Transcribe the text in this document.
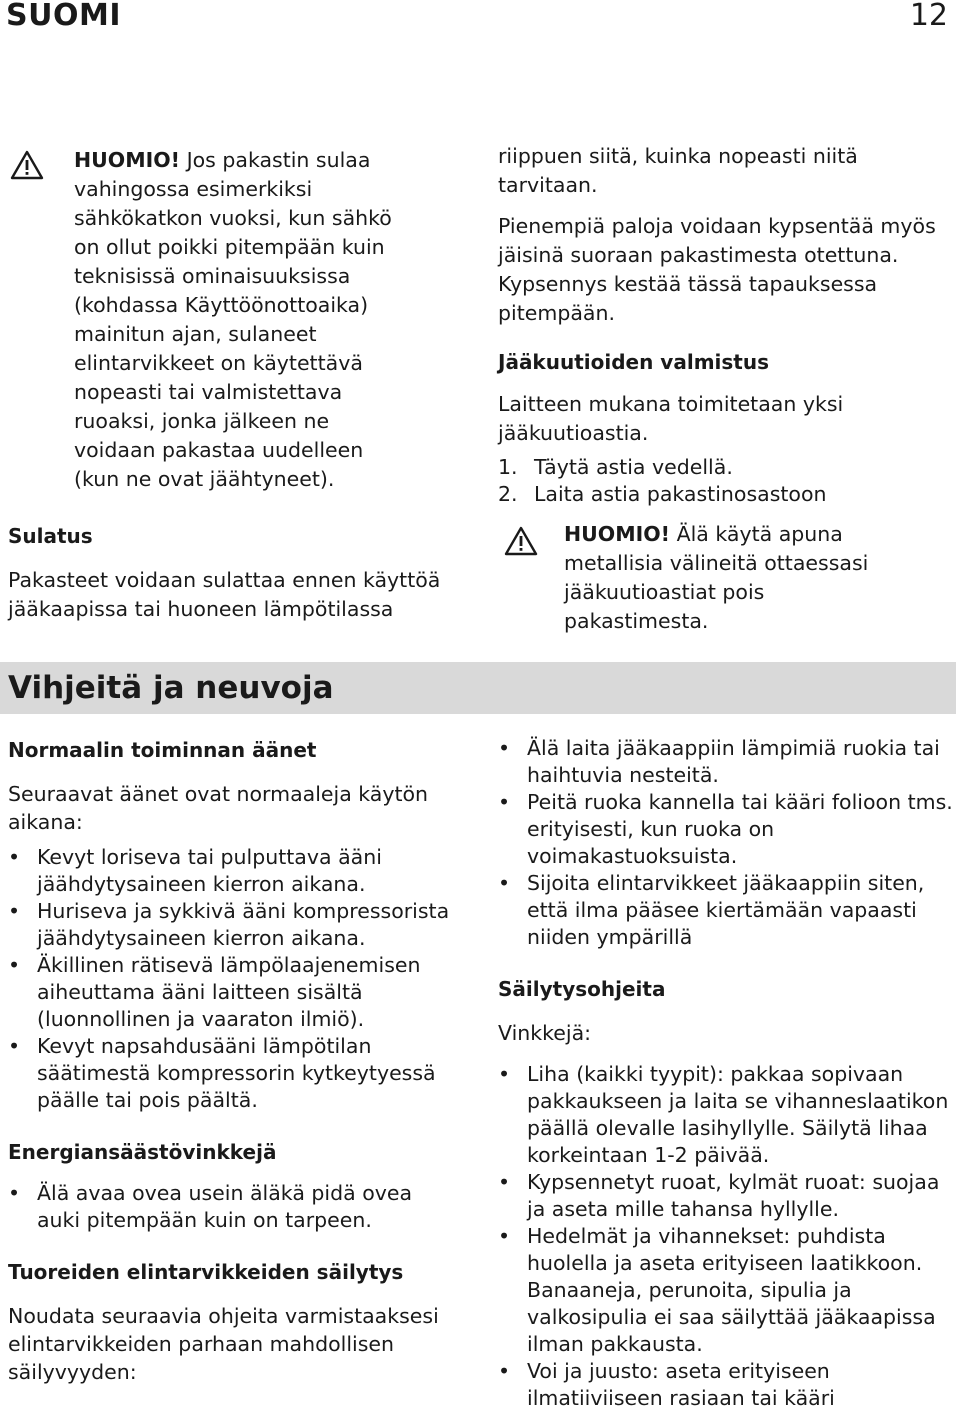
SUOMI	12

HUOMIO! Jos pakastin sulaa vahingossa esimerkiksi sähkökatkon vuoksi, kun sähkö on ollut poikki pitempään kuin teknisissä ominaisuuksissa (kohdassa Käyttöönottoaika) mainitun ajan, sulaneet elintarvikkeet on käytettävä nopeasti tai valmistettava ruoaksi, jonka jälkeen ne voidaan pakastaa uudelleen (kun ne ovat jäähtyneet).

Sulatus

Pakasteet voidaan sulattaa ennen käyttöä jääkaapissa tai huoneen lämpötilassa

riippuen siitä, kuinka nopeasti niitä tarvitaan.

Pienempiä paloja voidaan kypsentää myös jäisinä suoraan pakastimesta otettuna. Kypsennys kestää tässä tapauksessa pitempään.

Jääkuutioiden valmistus

Laitteen mukana toimitetaan yksi jääkuutioastia.

1. Täytä astia vedellä.
2. Laita astia pakastinosastoon

HUOMIO! Älä käytä apuna metallisia välineitä ottaessasi jääkuutioastiat pois pakastimesta.

Vihjeitä ja neuvoja

Normaalin toiminnan äänet

Seuraavat äänet ovat normaaleja käytön aikana:

• Kevyt loriseva tai pulputtava ääni jäähdytysaineen kierron aikana.
• Huriseva ja sykkivä ääni kompressorista jäähdytysaineen kierron aikana.
• Äkillinen rätisevä lämpölaajenemisen aiheuttama ääni laitteen sisältä (luonnollinen ja vaaraton ilmiö).
• Kevyt napsahdusääni lämpötilan säätimestä kompressorin kytkeytyessä päälle tai pois päältä.

Energiansäästövinkkejä

• Älä avaa ovea usein äläkä pidä ovea auki pitempään kuin on tarpeen.

Tuoreiden elintarvikkeiden säilytys

Noudata seuraavia ohjeita varmistaaksesi elintarvikkeiden parhaan mahdollisen säilyvyyden:

• Älä laita jääkaappiin lämpimiä ruokia tai haihtuvia nesteitä.
• Peitä ruoka kannella tai kääri folioon tms. erityisesti, kun ruoka on voimakastuoksuista.
• Sijoita elintarvikkeet jääkaappiin siten, että ilma pääsee kiertämään vapaasti niiden ympärillä

Säilytysohjeita

Vinkkejä:

• Liha (kaikki tyypit): pakkaa sopivaan pakkaukseen ja laita se vihanneslaatikon päällä olevalle lasihyllylle. Säilytä lihaa korkeintaan 1-2 päivää.
• Kypsennetyt ruoat, kylmät ruoat: suojaa ja aseta mille tahansa hyllylle.
• Hedelmät ja vihannekset: puhdista huolella ja aseta erityiseen laatikkoon. Banaaneja, perunoita, sipulia ja valkosipulia ei saa säilyttää jääkaapissa ilman pakkausta.
• Voi ja juusto: aseta erityiseen ilmatiiviiseen rasiaan tai kääri
